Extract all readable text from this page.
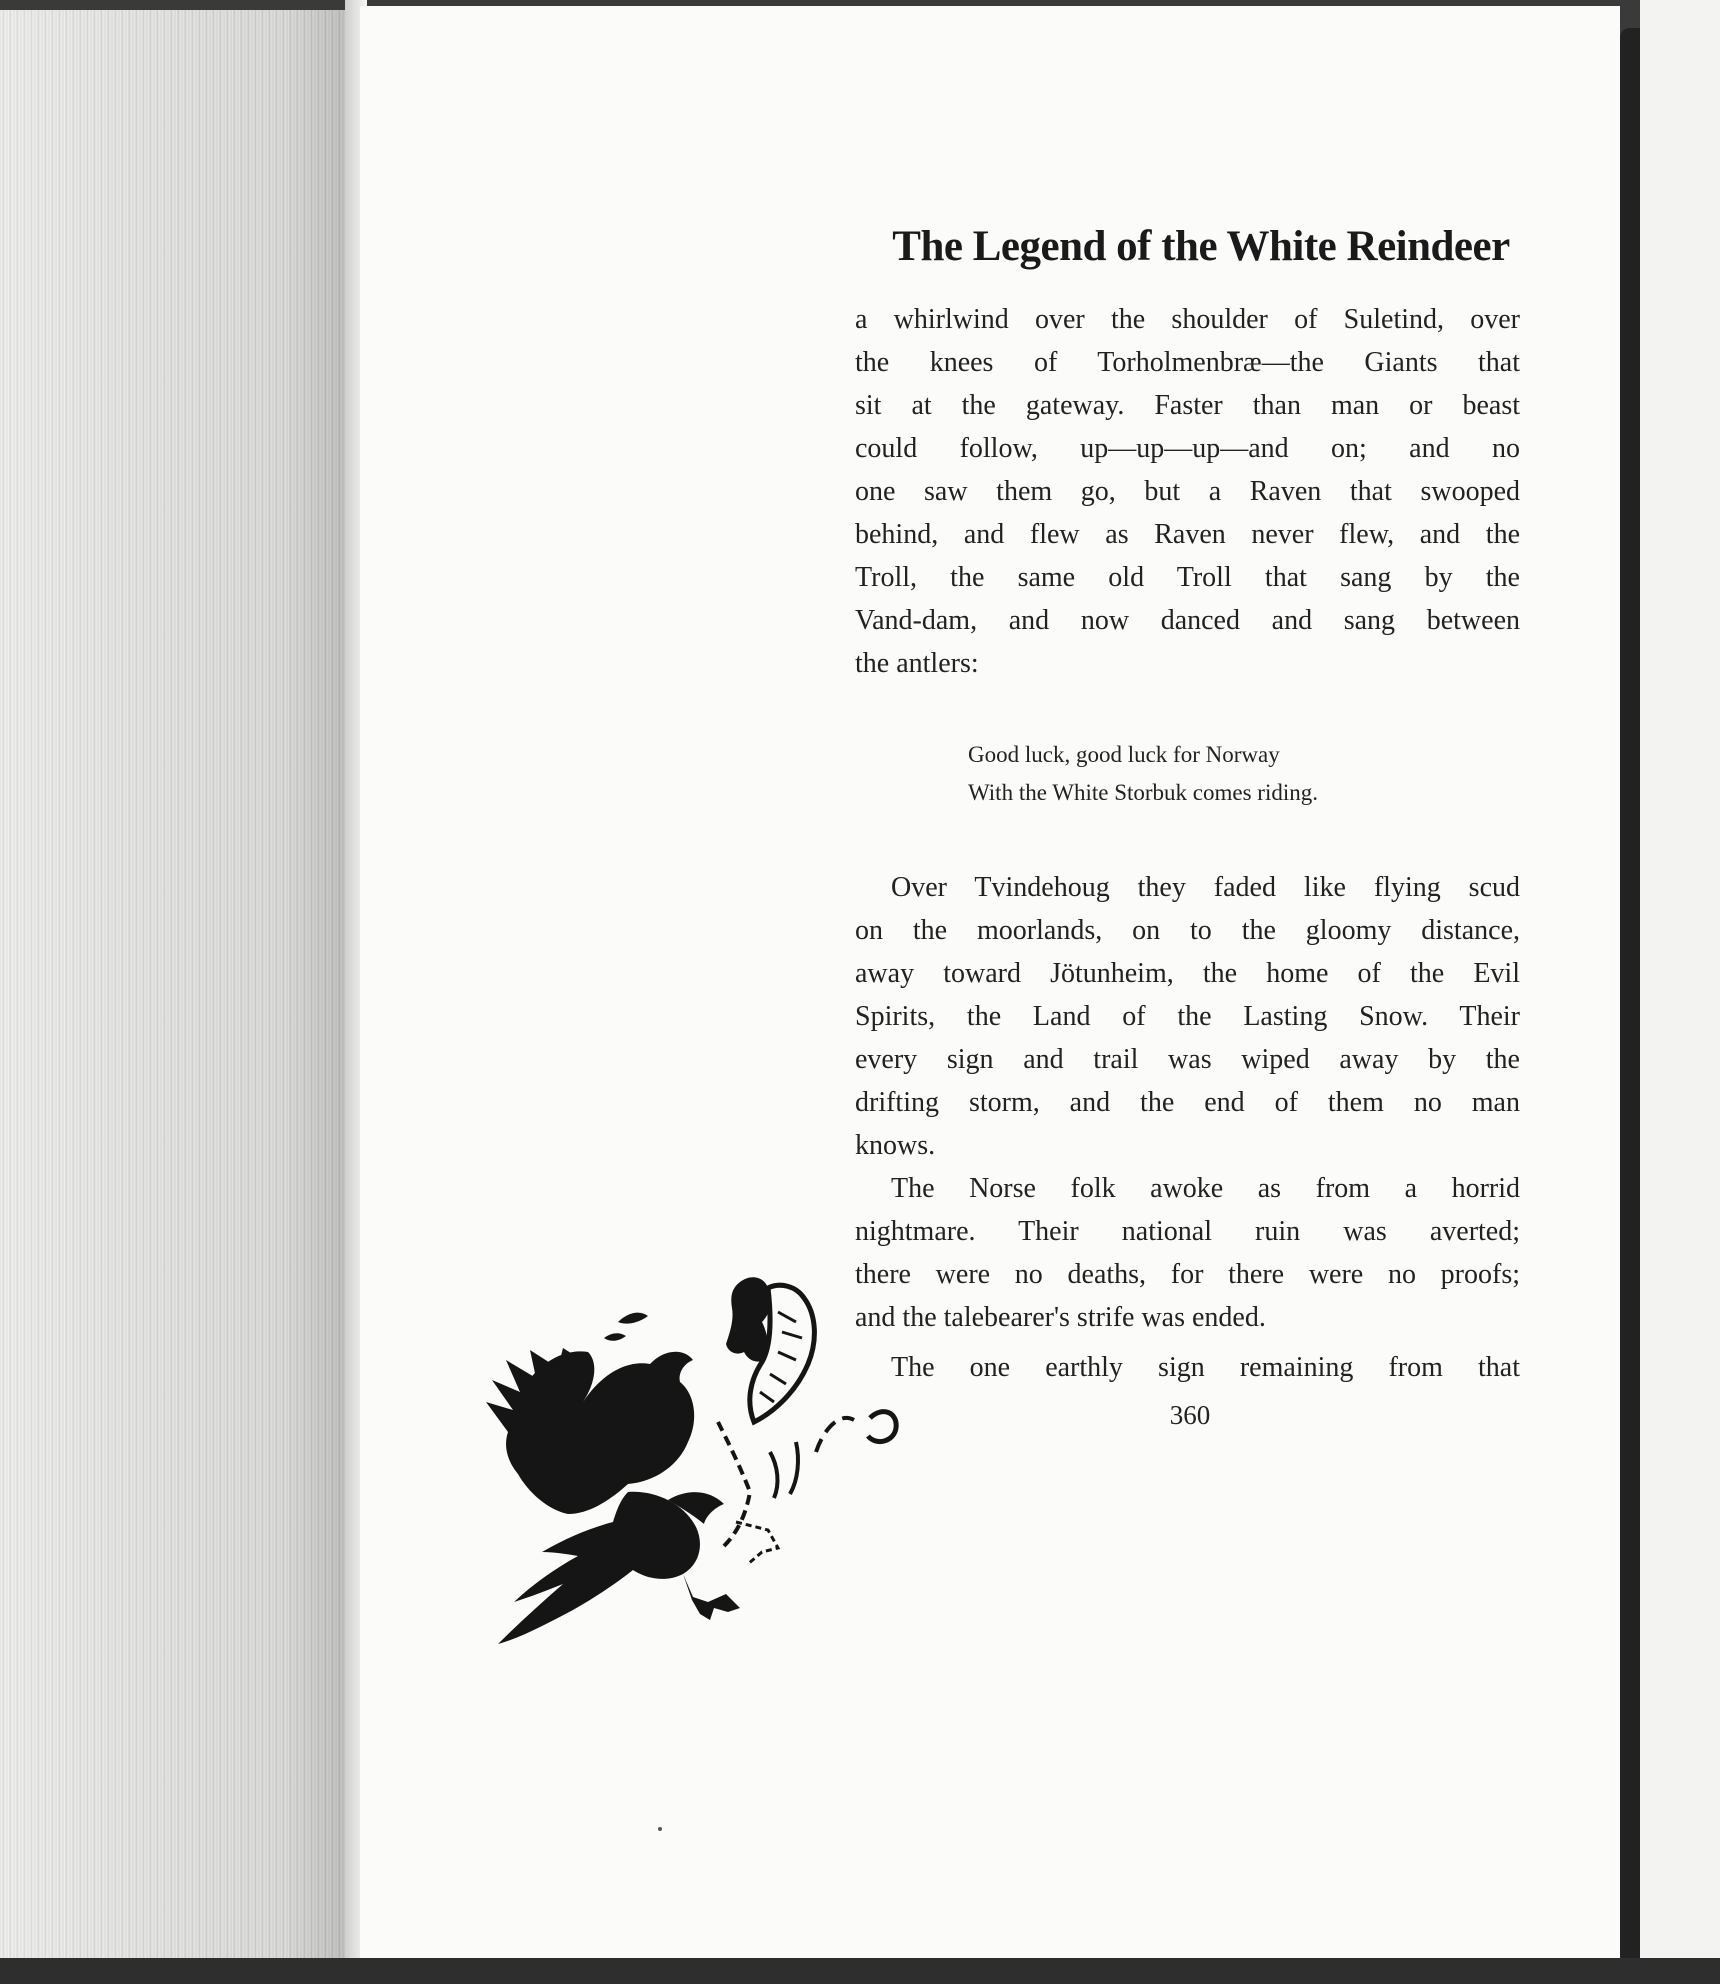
The Legend of the White Reindeer
a whirlwind over the shoulder of Suletind, over
the knees of Torholmenbræ—the Giants that
sit at the gateway. Faster than man or beast
could follow, up—up—up—and on; and no
one saw them go, but a Raven that swooped
behind, and flew as Raven never flew, and the
Troll, the same old Troll that sang by the
Vand-dam, and now danced and sang between
the antlers:
Good luck, good luck for Norway
With the White Storbuk comes riding.
Over Tvindehoug they faded like flying scud
on the moorlands, on to the gloomy distance,
away toward Jötunheim, the home of the Evil
Spirits, the Land of the Lasting Snow. Their
every sign and trail was wiped away by the
drifting storm, and the end of them no man
knows.
The Norse folk awoke as from a horrid
nightmare. Their national ruin was averted;
there were no deaths, for there were no proofs;
and the talebearer's strife was ended.
The one earthly sign remaining from that
360
